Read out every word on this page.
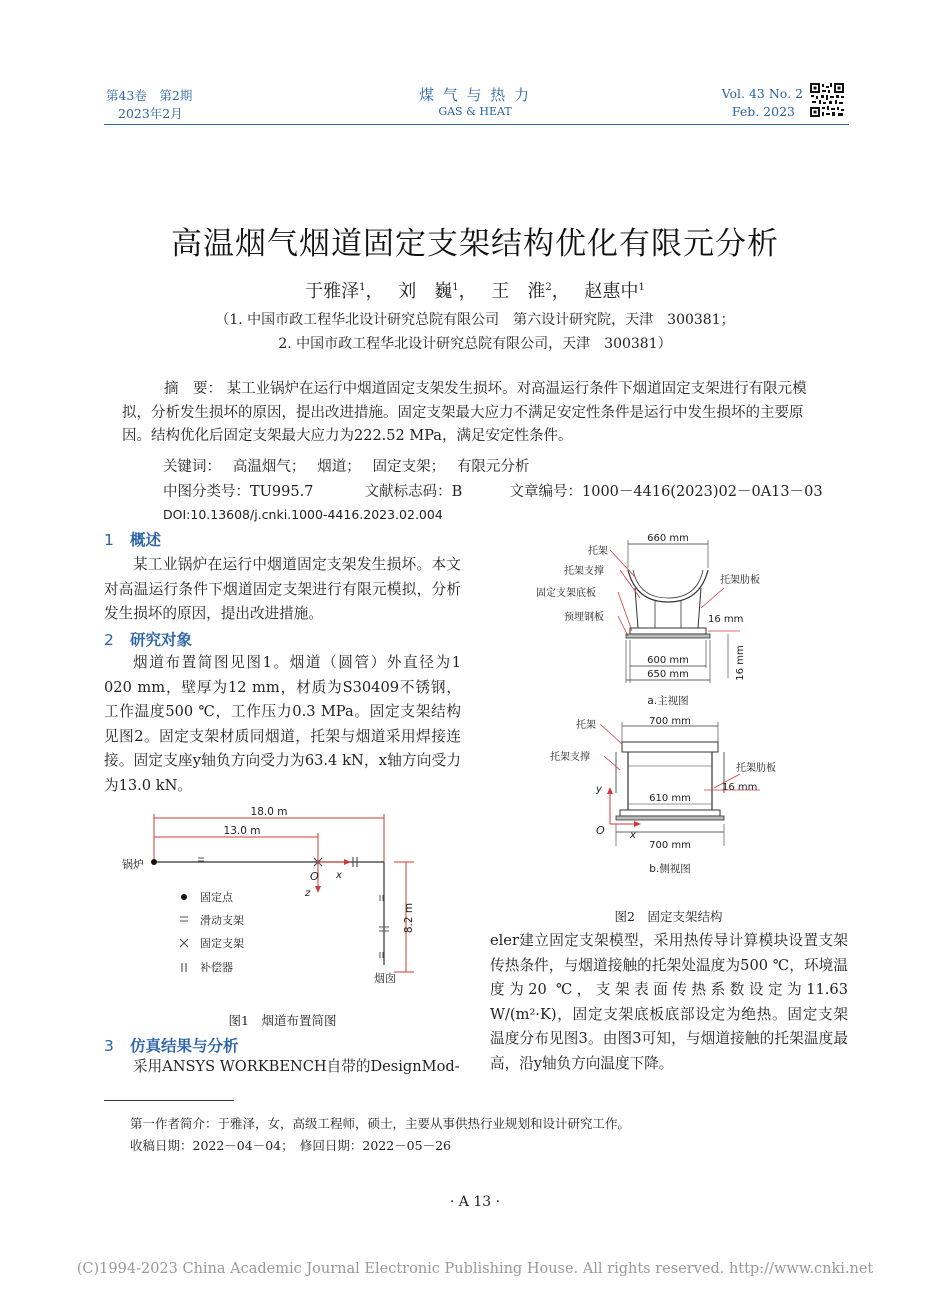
第43卷　第2期
2023年2月
煤 气 与 热 力
GAS & HEAT
Vol. 43 No. 2
Feb. 2023
高温烟气烟道固定支架结构优化有限元分析
于雅泽$^1$，　 刘　巍$^1$，　 王　淮$^2$，　 赵惠中$^1$
（1. 中国市政工程华北设计研究总院有限公司　第六设计研究院，天津　300381；
2. 中国市政工程华北设计研究总院有限公司，天津　300381）
摘　要： 某工业锅炉在运行中烟道固定支架发生损坏。对高温运行条件下烟道固定支架进行有限元模拟，分析发生损坏的原因，提出改进措施。固定支架最大应力不满足安定性条件是运行中发生损坏的主要原因。结构优化后固定支架最大应力为222.52 MPa，满足安定性条件。
关键词：　 高温烟气；　 烟道；　 固定支架；　 有限元分析
中图分类号：TU995.7	文献标志码：B	文章编号：1000－4416(2023)02－0A13－03
DOI:10.13608/j.cnki.1000-4416.2023.02.004
1 概述
某工业锅炉在运行中烟道固定支架发生损坏。本文对高温运行条件下烟道固定支架进行有限元模拟，分析发生损坏的原因，提出改进措施。
2 研究对象
烟道布置简图见图1。烟道（圆管）外直径为1 020 mm，壁厚为12 mm，材质为S30409不锈钢，工作温度500 ℃，工作压力0.3 MPa。固定支架结构见图2。固定支架材质同烟道，托架与烟道采用焊接连接。固定支座y轴负方向受力为63.4 kN，x轴方向受力为13.0 kN。
18.0 m
13.0 m
8.2 m
O x
z
锅炉
烟囱
固定点
滑动支架
固定支架
补偿器
图1　烟道布置简图
3 仿真结果与分析
采用ANSYS WORKBENCH自带的DesignMod-
660 mm
托架
托架支撑
固定支架底板
预埋钢板
托架肋板
16 mm
600 mm
650 mm	16 mm
a.主视图
700 mm
610 mm
托架
托架支撑
托架肋板
16 mm
700 mm
y
O	x
b.侧视图
图2　固定支架结构
eler建立固定支架模型，采用热传导计算模块设置支架传热条件，与烟道接触的托架处温度为500 ℃，环境温度为20 ℃，支架表面传热系数设定为11.63 W/(m²·K)，固定支架底板底部设定为绝热。固定支架温度分布见图3。由图3可知，与烟道接触的托架温度最高，沿y轴负方向温度下降。
第一作者简介：于雅泽，女，高级工程师，硕士，主要从事供热行业规划和设计研究工作。
收稿日期：2022－04－04；　修回日期：2022－05－26
· A 13 ·
(C)1994-2023 China Academic Journal Electronic Publishing House. All rights reserved. http://www.cnki.net
